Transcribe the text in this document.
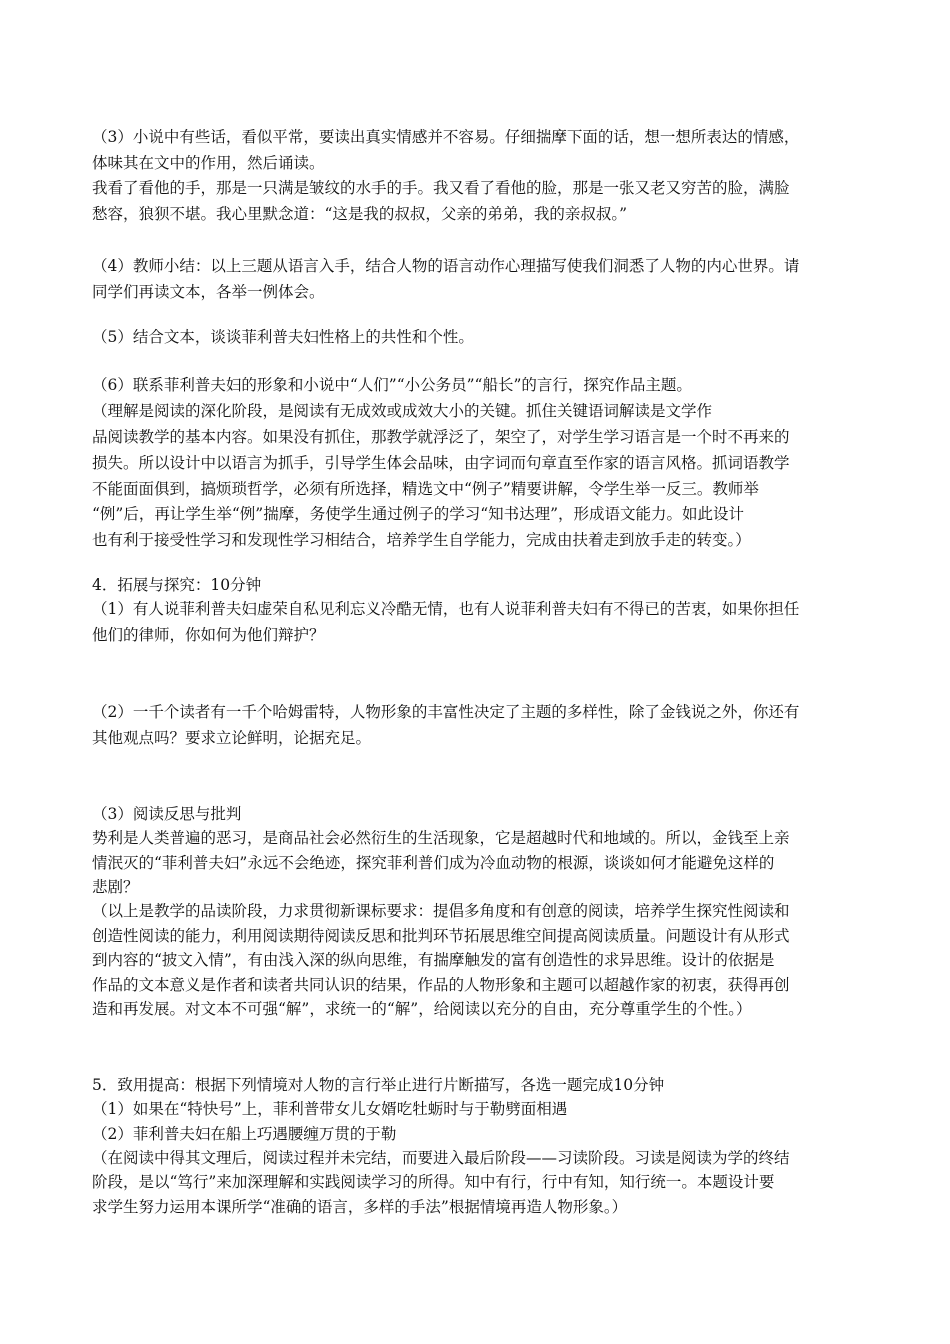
（3）小说中有些话，看似平常，要读出真实情感并不容易。仔细揣摩下面的话，想一想所表达的情感，
体味其在文中的作用，然后诵读。
我看了看他的手，那是一只满是皱纹的水手的手。我又看了看他的脸，那是一张又老又穷苦的脸，满脸
愁容，狼狈不堪。我心里默念道：“这是我的叔叔，父亲的弟弟，我的亲叔叔。”
（4）教师小结：以上三题从语言入手，结合人物的语言动作心理描写使我们洞悉了人物的内心世界。请
同学们再读文本，各举一例体会。
（5）结合文本，谈谈菲利普夫妇性格上的共性和个性。
（6）联系菲利普夫妇的形象和小说中“人们”“小公务员”“船长”的言行，探究作品主题。
（理解是阅读的深化阶段，是阅读有无成效或成效大小的关键。抓住关键语词解读是文学作
品阅读教学的基本内容。如果没有抓住，那教学就浮泛了，架空了，对学生学习语言是一个时不再来的
损失。所以设计中以语言为抓手，引导学生体会品味，由字词而句章直至作家的语言风格。抓词语教学
不能面面俱到，搞烦琐哲学，必须有所选择，精选文中“例子”精要讲解，令学生举一反三。教师举
“例”后，再让学生举“例”揣摩，务使学生通过例子的学习“知书达理”，形成语文能力。如此设计
也有利于接受性学习和发现性学习相结合，培养学生自学能力，完成由扶着走到放手走的转变。）
4．拓展与探究：10分钟
（1）有人说菲利普夫妇虚荣自私见利忘义冷酷无情，也有人说菲利普夫妇有不得已的苦衷，如果你担任
他们的律师，你如何为他们辩护？
（2）一千个读者有一千个哈姆雷特，人物形象的丰富性决定了主题的多样性，除了金钱说之外，你还有
其他观点吗？要求立论鲜明，论据充足。
（3）阅读反思与批判
势利是人类普遍的恶习，是商品社会必然衍生的生活现象，它是超越时代和地域的。所以，金钱至上亲
情泯灭的“菲利普夫妇”永远不会绝迹，探究菲利普们成为冷血动物的根源，谈谈如何才能避免这样的
悲剧？
（以上是教学的品读阶段，力求贯彻新课标要求：提倡多角度和有创意的阅读，培养学生探究性阅读和
创造性阅读的能力，利用阅读期待阅读反思和批判环节拓展思维空间提高阅读质量。问题设计有从形式
到内容的“披文入情”，有由浅入深的纵向思维，有揣摩触发的富有创造性的求异思维。设计的依据是
作品的文本意义是作者和读者共同认识的结果，作品的人物形象和主题可以超越作家的初衷，获得再创
造和再发展。对文本不可强“解”，求统一的“解”，给阅读以充分的自由，充分尊重学生的个性。）
5．致用提高：根据下列情境对人物的言行举止进行片断描写，各选一题完成10分钟
（1）如果在“特快号”上，菲利普带女儿女婿吃牡蛎时与于勒劈面相遇
（2）菲利普夫妇在船上巧遇腰缠万贯的于勒
（在阅读中得其文理后，阅读过程并未完结，而要进入最后阶段——习读阶段。习读是阅读为学的终结
阶段，是以“笃行”来加深理解和实践阅读学习的所得。知中有行，行中有知，知行统一。本题设计要
求学生努力运用本课所学“准确的语言，多样的手法”根据情境再造人物形象。）
